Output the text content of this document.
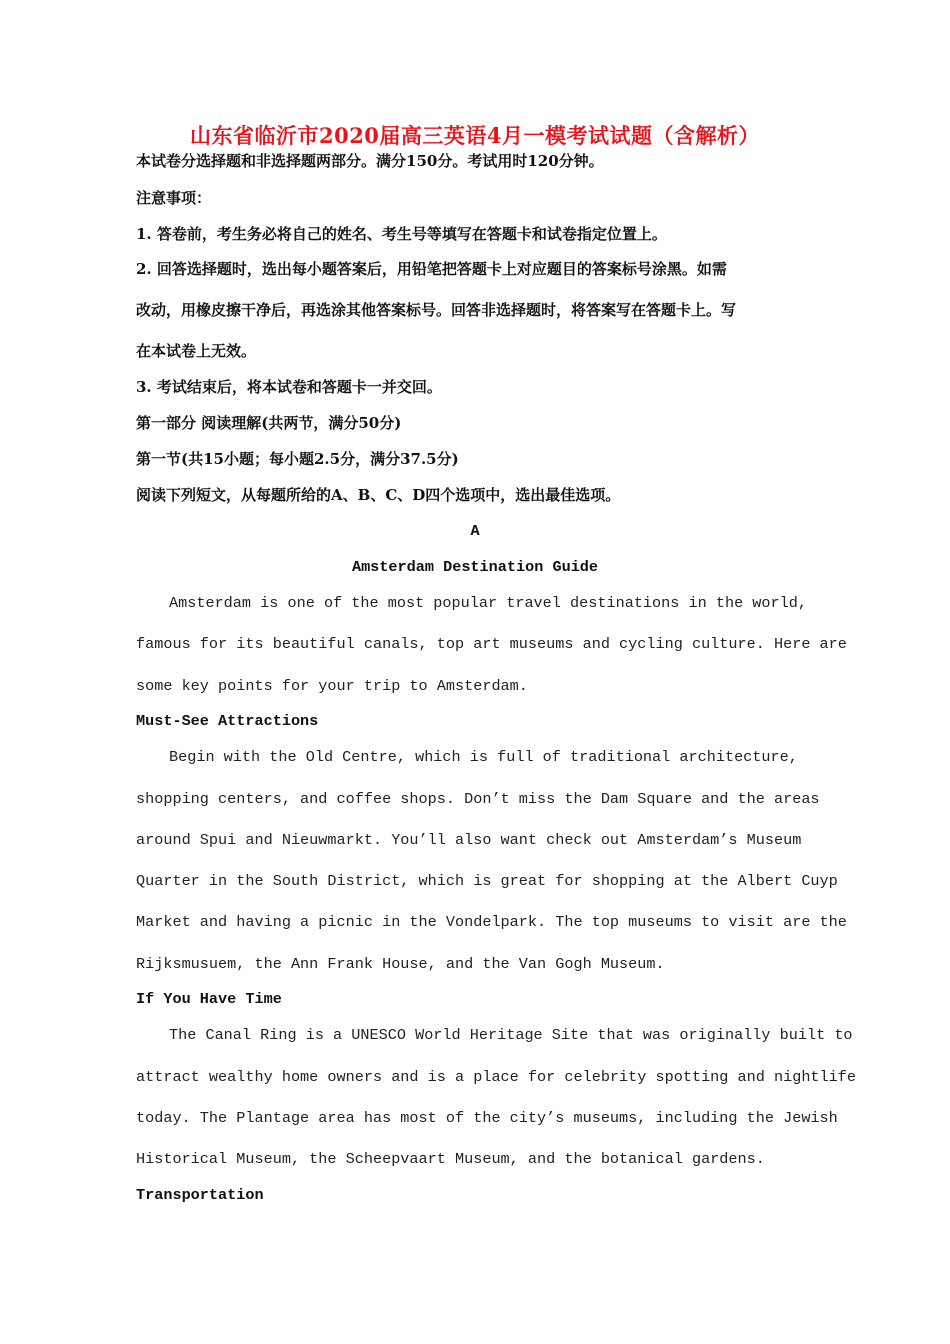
山东省临沂市2020届高三英语4月一模考试试题（含解析）
本试卷分选择题和非选择题两部分。满分150分。考试用时120分钟。
注意事项：
1. 答卷前，考生务必将自己的姓名、考生号等填写在答题卡和试卷指定位置上。
2. 回答选择题时，选出每小题答案后，用铅笔把答题卡上对应题目的答案标号涂黑。如需
改动，用橡皮擦干净后，再选涂其他答案标号。回答非选择题时，将答案写在答题卡上。写
在本试卷上无效。
3. 考试结束后，将本试卷和答题卡一并交回。
第一部分 阅读理解(共两节，满分50分)
第一节(共15小题；每小题2.5分，满分37.5分)
阅读下列短文，从每题所给的A、B、C、D四个选项中，选出最佳选项。
A
Amsterdam Destination Guide
Amsterdam is one of the most popular travel destinations in the world,
famous for its beautiful canals, top art museums and cycling culture. Here are
some key points for your trip to Amsterdam.
Must-See Attractions
Begin with the Old Centre, which is full of traditional architecture,
shopping centers, and coffee shops. Don’t miss the Dam Square and the areas
around Spui and Nieuwmarkt. You’ll also want check out Amsterdam’s Museum
Quarter in the South District, which is great for shopping at the Albert Cuyp
Market and having a picnic in the Vondelpark. The top museums to visit are the
Rijksmusuem, the Ann Frank House, and the Van Gogh Museum.
If You Have Time
The Canal Ring is a UNESCO World Heritage Site that was originally built to
attract wealthy home owners and is a place for celebrity spotting and nightlife
today. The Plantage area has most of the city’s museums, including the Jewish
Historical Museum, the Scheepvaart Museum, and the botanical gardens.
Transportation
